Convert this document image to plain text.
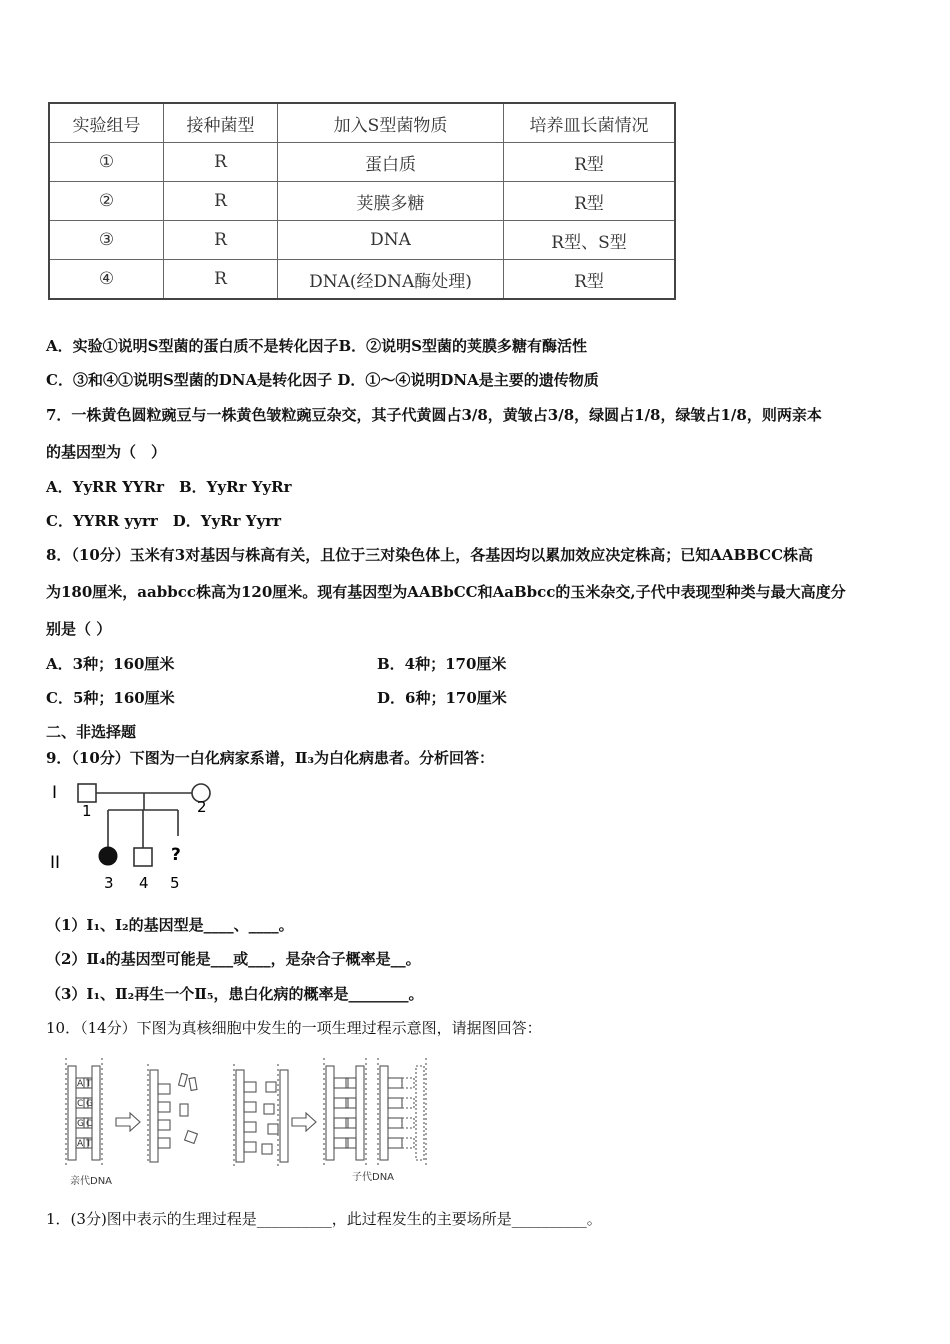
实验组号	接种菌型	加入S型菌物质	培养皿长菌情况
①	R	蛋白质	R型
②	R	荚膜多糖	R型
③	R	DNA	R型、S型
④	R	DNA(经DNA酶处理)	R型
A．实验①说明S型菌的蛋白质不是转化因子B．②说明S型菌的荚膜多糖有酶活性
C．③和④①说明S型菌的DNA是转化因子 D．①～④说明DNA是主要的遗传物质
7．一株黄色圆粒豌豆与一株黄色皱粒豌豆杂交，其子代黄圆占3/8，黄皱占3/8，绿圆占1/8，绿皱占1/8，则两亲本
的基因型为（　）
A．YyRR YYRr　B．YyRr YyRr
C．YYRR yyrr　D．YyRr Yyrr
8．（10分）玉米有3对基因与株高有关，且位于三对染色体上，各基因均以累加效应决定株高；已知AABBCC株高
为180厘米，aabbcc株高为120厘米。现有基因型为AABbCC和AaBbcc的玉米杂交,子代中表现型种类与最大高度分
别是（ ）
A．3种；160厘米	B．4种；170厘米
C．5种；160厘米	D．6种；170厘米
二、非选择题
9．（10分）下图为一白化病家系谱，Ⅱ₃为白化病患者。分析回答：
I
1	2
II	?
3 4 5
（1）Ⅰ₁、Ⅰ₂的基因型是____、____。
（2）Ⅱ₄的基因型可能是___或___，是杂合子概率是__。
（3）Ⅰ₁、Ⅱ₂再生一个Ⅱ₅，患白化病的概率是________。
10．（14分）下图为真核细胞中发生的一项生理过程示意图，请据图回答：
A
C
G
A
T
G
C
T
亲代DNA	子代DNA
1．(3分)图中表示的生理过程是__________，此过程发生的主要场所是__________。
